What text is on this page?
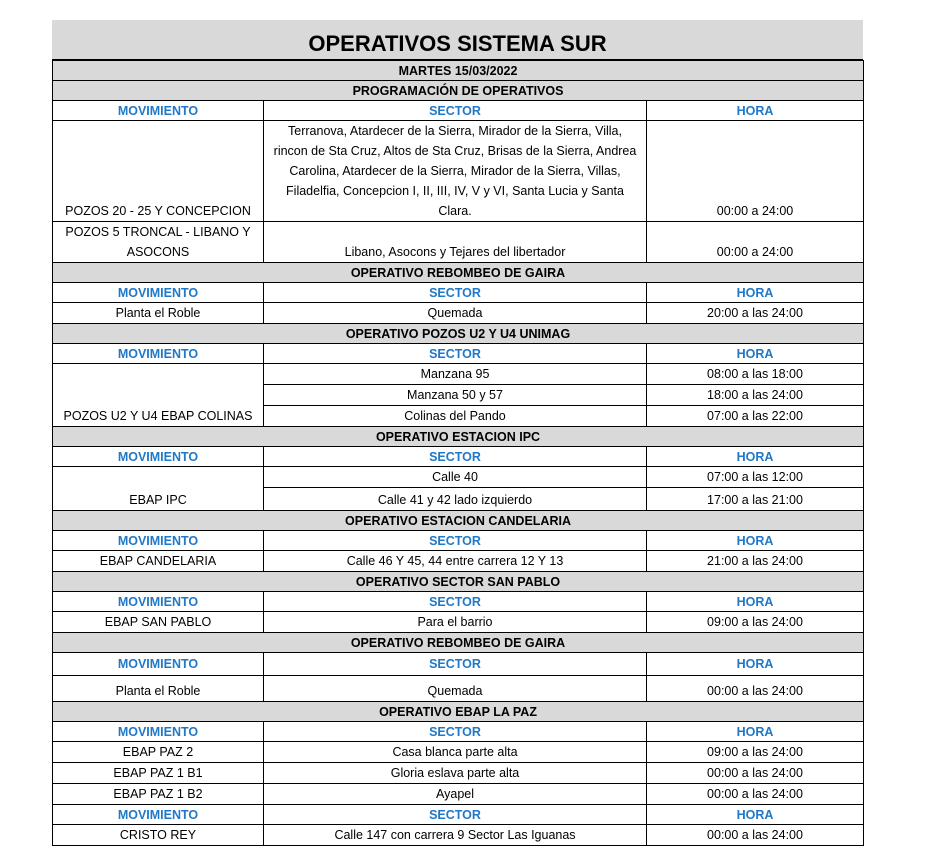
OPERATIVOS SISTEMA SUR
MARTES 15/03/2022		
PROGRAMACIÓN DE OPERATIVOS		
MOVIMIENTO	SECTOR	HORA
POZOS 20 - 25 Y CONCEPCION	Terranova, Atardecer de la Sierra, Mirador de la Sierra, Villa, rincon de Sta Cruz, Altos de Sta Cruz, Brisas de la Sierra, Andrea Carolina, Atardecer de la Sierra, Mirador de la Sierra, Villas, Filadelfia, Concepcion I, II, III, IV, V y VI, Santa Lucia y Santa Clara.	00:00 a 24:00
POZOS 5 TRONCAL - LIBANO Y ASOCONS	Libano, Asocons y Tejares del libertador	00:00 a 24:00
OPERATIVO REBOMBEO DE GAIRA		
MOVIMIENTO	SECTOR	HORA
Planta el Roble	Quemada	20:00 a las 24:00
OPERATIVO POZOS U2 Y U4 UNIMAG		
MOVIMIENTO	SECTOR	HORA
POZOS U2 Y U4 EBAP COLINAS	Manzana 95	08:00 a las 18:00
	Manzana 50 y 57	18:00 a las 24:00
	Colinas del Pando	07:00 a las 22:00
OPERATIVO ESTACION IPC		
MOVIMIENTO	SECTOR	HORA
EBAP IPC	Calle 40	07:00 a las 12:00
	Calle 41 y 42 lado izquierdo	17:00 a las 21:00
OPERATIVO ESTACION CANDELARIA		
MOVIMIENTO	SECTOR	HORA
EBAP CANDELARIA	Calle 46 Y 45, 44 entre carrera 12 Y 13	21:00 a las 24:00
OPERATIVO SECTOR SAN PABLO		
MOVIMIENTO	SECTOR	HORA
EBAP SAN PABLO	Para el barrio	09:00 a las 24:00
OPERATIVO REBOMBEO DE GAIRA		
MOVIMIENTO	SECTOR	HORA
Planta el Roble	Quemada	00:00 a las 24:00
OPERATIVO EBAP LA PAZ		
MOVIMIENTO	SECTOR	HORA
EBAP PAZ 2	Casa blanca parte alta	09:00 a las 24:00
EBAP PAZ 1 B1	Gloria eslava parte alta	00:00 a las 24:00
EBAP PAZ 1 B2	Ayapel	00:00 a las 24:00
MOVIMIENTO	SECTOR	HORA
CRISTO REY	Calle 147 con carrera 9 Sector Las Iguanas	00:00 a las 24:00
